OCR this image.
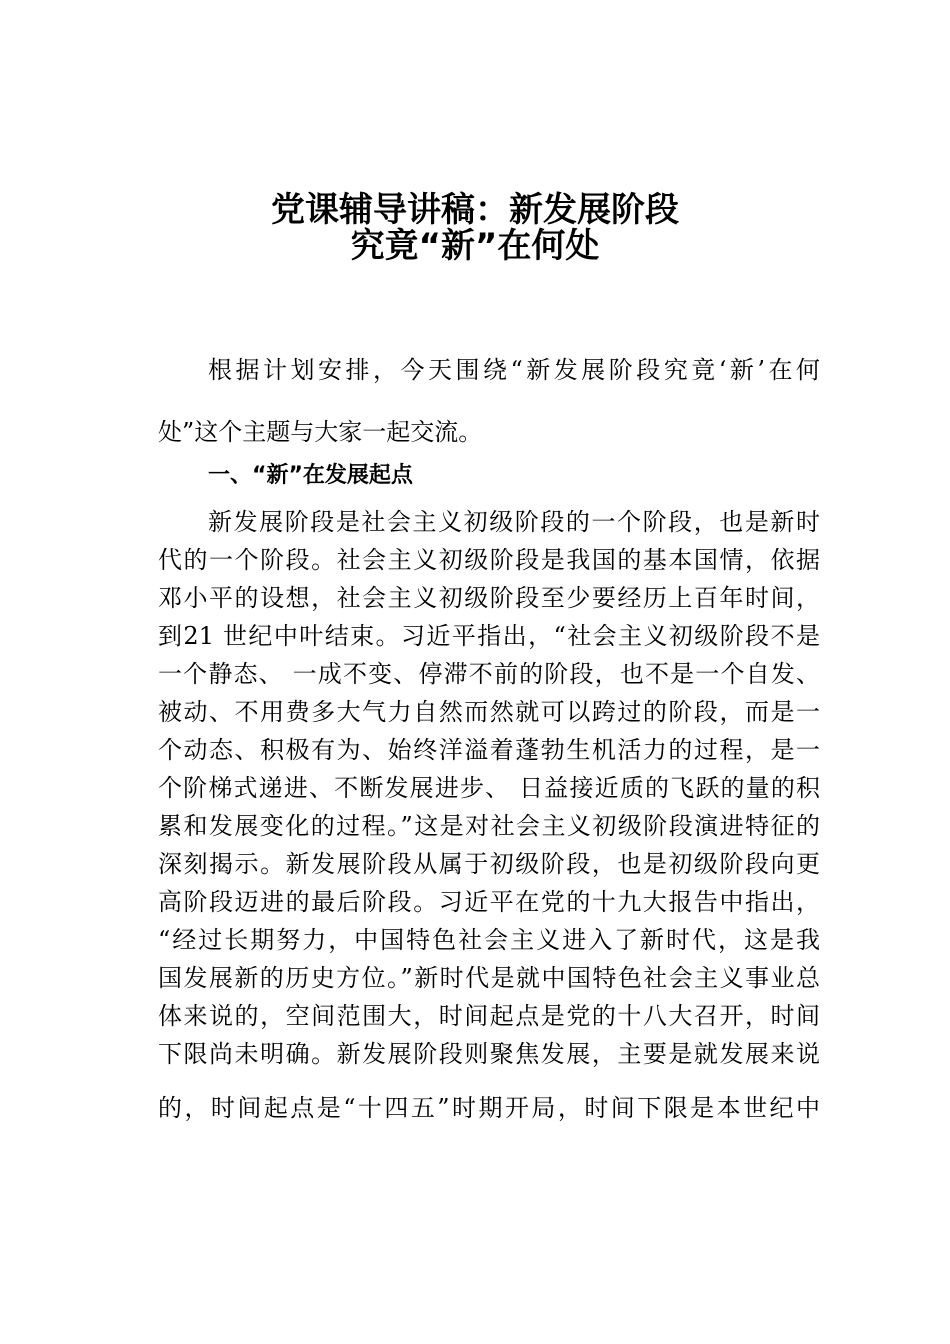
党课辅导讲稿：新发展阶段
究竟“新”在何处
根据计划安排，今天围绕“新发展阶段究竟‘新’在何
处”这个主题与大家一起交流。
一、“新”在发展起点
新发展阶段是社会主义初级阶段的一个阶段，也是新时
代的一个阶段。社会主义初级阶段是我国的基本国情，依据
邓小平的设想，社会主义初级阶段至少要经历上百年时间，
到21 世纪中叶结束。习近平指出，“社会主义初级阶段不是
一个静态、 一成不变、停滞不前的阶段，也不是一个自发、
被动、不用费多大气力自然而然就可以跨过的阶段，而是一
个动态、积极有为、始终洋溢着蓬勃生机活力的过程，是一
个阶梯式递进、不断发展进步、 日益接近质的飞跃的量的积
累和发展变化的过程。”这是对社会主义初级阶段演进特征的
深刻揭示。新发展阶段从属于初级阶段，也是初级阶段向更
高阶段迈进的最后阶段。习近平在党的十九大报告中指出，
“经过长期努力，中国特色社会主义进入了新时代，这是我
国发展新的历史方位。”新时代是就中国特色社会主义事业总
体来说的，空间范围大，时间起点是党的十八大召开，时间
下限尚未明确。新发展阶段则聚焦发展，主要是就发展来说
的，时间起点是“十四五”时期开局，时间下限是本世纪中
